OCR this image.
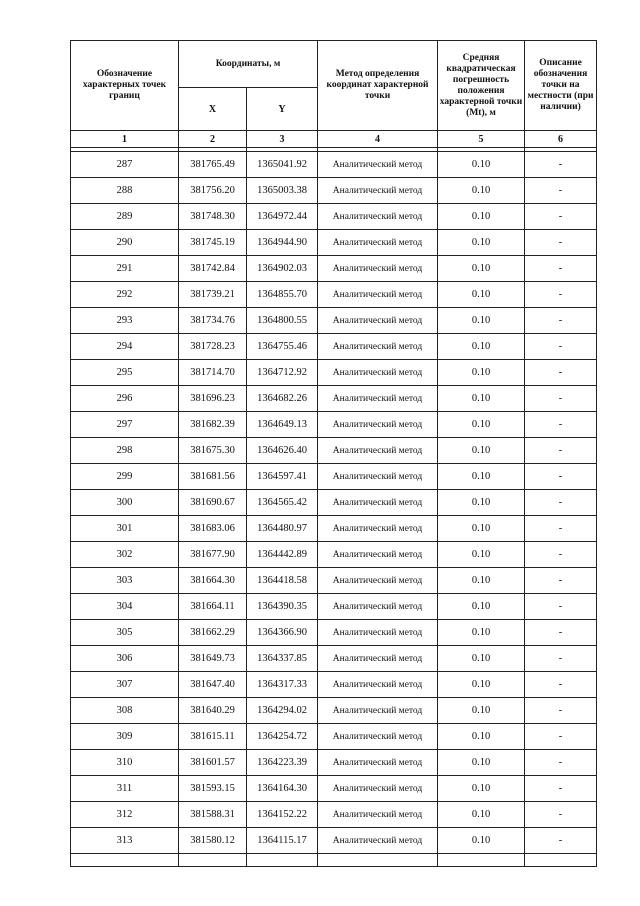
Обозначение характерных точек границ	Координаты, м		Метод определения координат характерной точки	Средняя квадратическая погрешность положения характерной точки (Mt), м	Описание обозначения точки на местности (при наличии)
	X	Y			
1	2	3	4	5	6

287	381765.49	1365041.92	Аналитический метод	0.10	-
288	381756.20	1365003.38	Аналитический метод	0.10	-
289	381748.30	1364972.44	Аналитический метод	0.10	-
290	381745.19	1364944.90	Аналитический метод	0.10	-
291	381742.84	1364902.03	Аналитический метод	0.10	-
292	381739.21	1364855.70	Аналитический метод	0.10	-
293	381734.76	1364800.55	Аналитический метод	0.10	-
294	381728.23	1364755.46	Аналитический метод	0.10	-
295	381714.70	1364712.92	Аналитический метод	0.10	-
296	381696.23	1364682.26	Аналитический метод	0.10	-
297	381682.39	1364649.13	Аналитический метод	0.10	-
298	381675.30	1364626.40	Аналитический метод	0.10	-
299	381681.56	1364597.41	Аналитический метод	0.10	-
300	381690.67	1364565.42	Аналитический метод	0.10	-
301	381683.06	1364480.97	Аналитический метод	0.10	-
302	381677.90	1364442.89	Аналитический метод	0.10	-
303	381664.30	1364418.58	Аналитический метод	0.10	-
304	381664.11	1364390.35	Аналитический метод	0.10	-
305	381662.29	1364366.90	Аналитический метод	0.10	-
306	381649.73	1364337.85	Аналитический метод	0.10	-
307	381647.40	1364317.33	Аналитический метод	0.10	-
308	381640.29	1364294.02	Аналитический метод	0.10	-
309	381615.11	1364254.72	Аналитический метод	0.10	-
310	381601.57	1364223.39	Аналитический метод	0.10	-
311	381593.15	1364164.30	Аналитический метод	0.10	-
312	381588.31	1364152.22	Аналитический метод	0.10	-
313	381580.12	1364115.17	Аналитический метод	0.10	-
